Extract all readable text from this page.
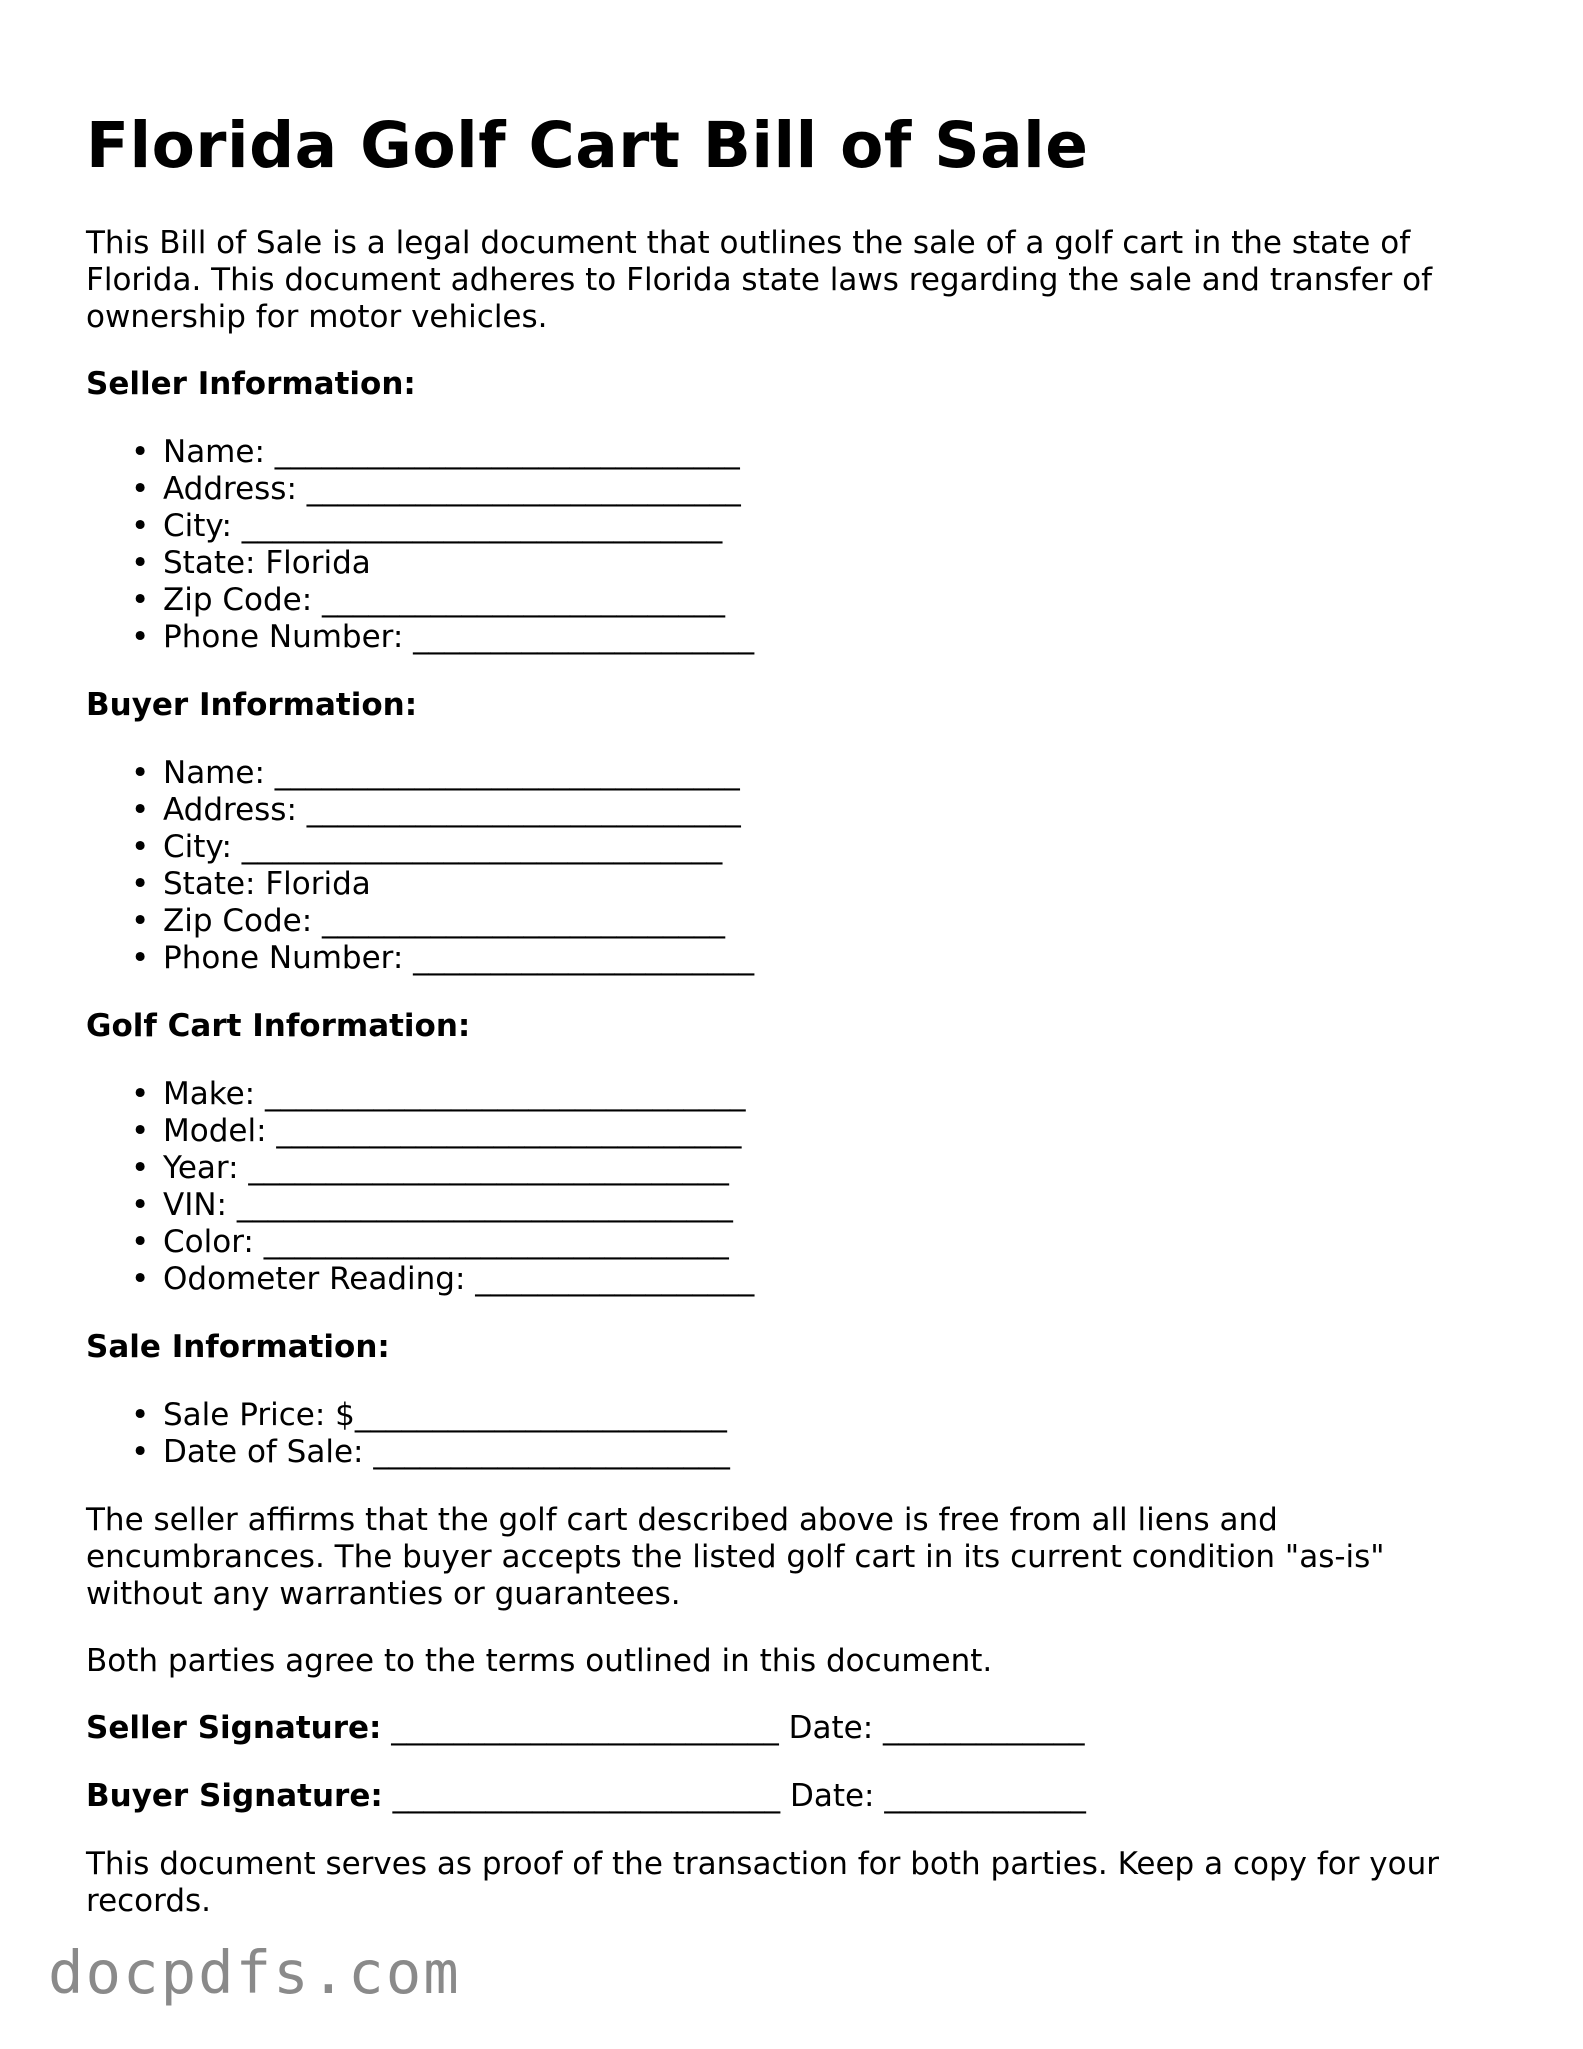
Florida Golf Cart Bill of Sale

This Bill of Sale is a legal document that outlines the sale of a golf cart in the state of Florida. This document adheres to Florida state laws regarding the sale and transfer of ownership for motor vehicles.

Seller Information:
• Name: ______________________________
• Address: ____________________________
• City: _______________________________
• State: Florida
• Zip Code: __________________________
• Phone Number: ______________________
Buyer Information:
• Name: ______________________________
• Address: ____________________________
• City: _______________________________
• State: Florida
• Zip Code: __________________________
• Phone Number: ______________________
Golf Cart Information:
• Make: _______________________________
• Model: ______________________________
• Year: _______________________________
• VIN: ________________________________
• Color: ______________________________
• Odometer Reading: __________________
Sale Information:
• Sale Price: $________________________
• Date of Sale: _______________________

The seller affirms that the golf cart described above is free from all liens and encumbrances. The buyer accepts the listed golf cart in its current condition "as-is" without any warranties or guarantees.

Both parties agree to the terms outlined in this document.

Seller Signature: _________________________ Date: _____________
Buyer Signature: _________________________ Date: _____________

This document serves as proof of the transaction for both parties. Keep a copy for your records.

docpdfs.com
